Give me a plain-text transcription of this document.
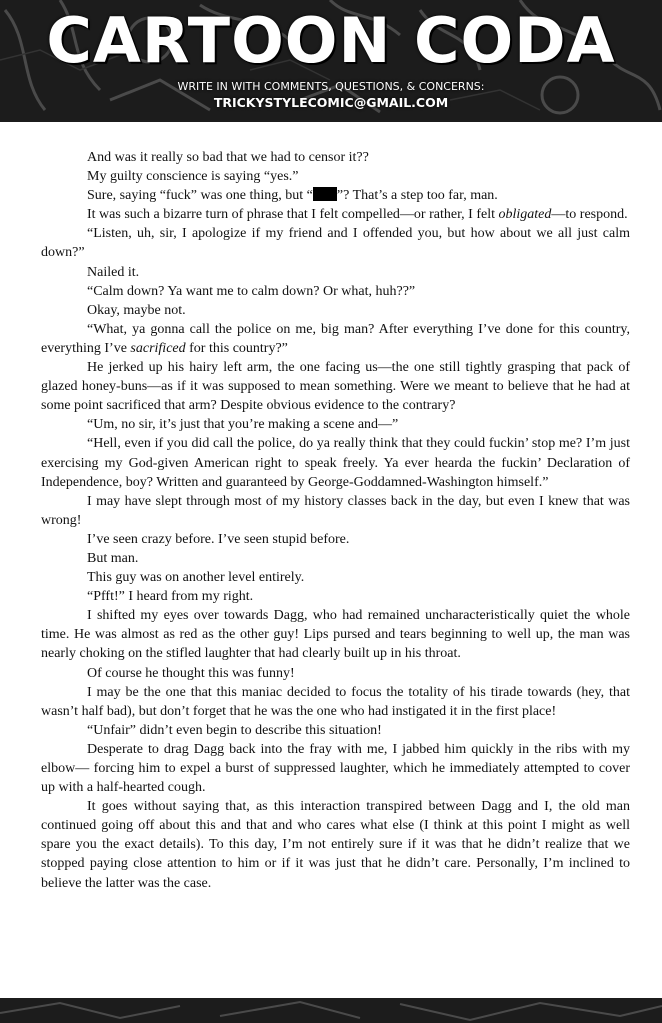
CARTOON CODA
WRITE IN WITH COMMENTS, QUESTIONS, & CONCERNS:
TRICKYSTYLECOMIC@GMAIL.COM

And was it really so bad that we had to censor it??

My guilty conscience is saying “yes.”

Sure, saying “fuck” was one thing, but “ ”? That’s a step too far, man.

It was such a bizarre turn of phrase that I felt compelled—or rather, I felt obligated—to respond.

“Listen, uh, sir, I apologize if my friend and I offended you, but how about we all just calm down?”

Nailed it.

“Calm down? Ya want me to calm down? Or what, huh??”

Okay, maybe not.

“What, ya gonna call the police on me, big man? After everything I’ve done for this country, everything I’ve sacrificed for this country?”

He jerked up his hairy left arm, the one facing us—the one still tightly grasping that pack of glazed honey-buns—as if it was supposed to mean something. Were we meant to believe that he had at some point sacrificed that arm? Despite obvious evidence to the contrary?

“Um, no sir, it’s just that you’re making a scene and—”

“Hell, even if you did call the police, do ya really think that they could fuckin’ stop me? I’m just exercising my God-given American right to speak freely. Ya ever hearda the fuckin’ Declaration of Independence, boy? Written and guaranteed by George-Goddamned-Washington himself.”

I may have slept through most of my history classes back in the day, but even I knew that was wrong!

I’ve seen crazy before. I’ve seen stupid before.

But man.

This guy was on another level entirely.

“Pfft!” I heard from my right.

I shifted my eyes over towards Dagg, who had remained uncharacteristically quiet the whole time. He was almost as red as the other guy! Lips pursed and tears beginning to well up, the man was nearly choking on the stifled laughter that had clearly built up in his throat.

Of course he thought this was funny!

I may be the one that this maniac decided to focus the totality of his tirade towards (hey, that wasn’t half bad), but don’t forget that he was the one who had instigated it in the first place!

“Unfair” didn’t even begin to describe this situation!

Desperate to drag Dagg back into the fray with me, I jabbed him quickly in the ribs with my elbow— forcing him to expel a burst of suppressed laughter, which he immediately attempted to cover up with a half-hearted cough.

It goes without saying that, as this interaction transpired between Dagg and I, the old man continued going off about this and that and who cares what else (I think at this point I might as well spare you the exact details). To this day, I’m not entirely sure if it was that he didn’t realize that we stopped paying close attention to him or if it was just that he didn’t care. Personally, I’m inclined to believe the latter was the case.
